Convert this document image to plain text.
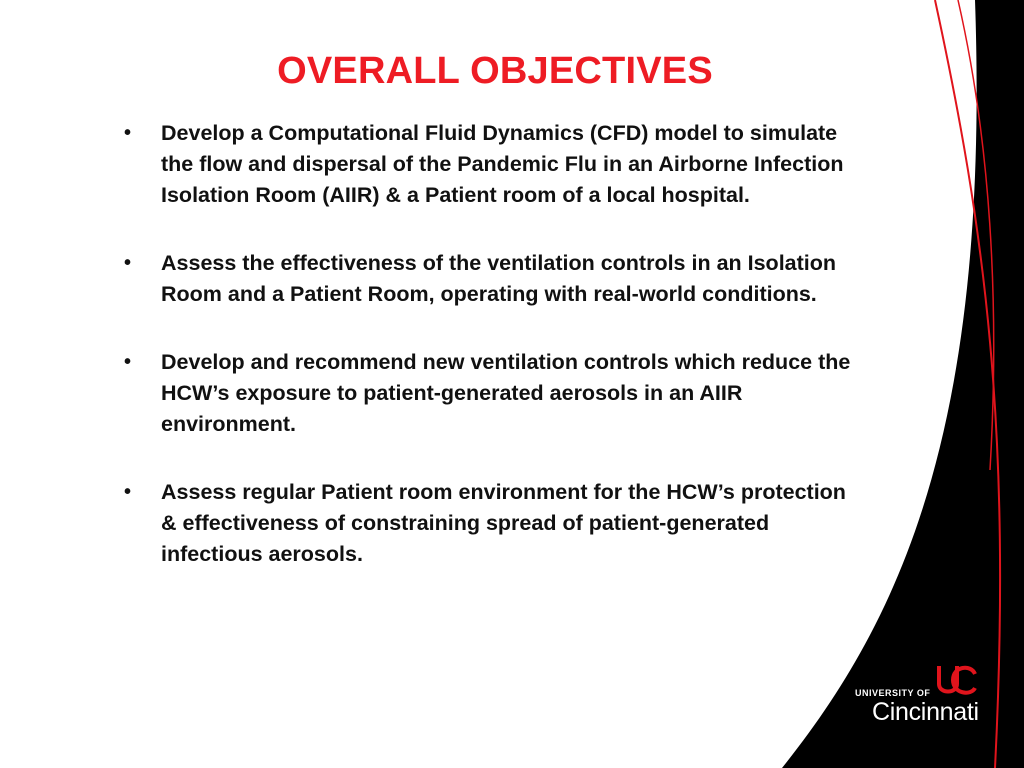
OVERALL OBJECTIVES
• Develop a Computational Fluid Dynamics (CFD) model to simulate the flow and dispersal of the Pandemic Flu in an Airborne Infection Isolation Room (AIIR) & a Patient room of a local hospital.
• Assess the effectiveness of the ventilation controls in an Isolation Room and a Patient Room, operating with real-world conditions.
• Develop and recommend new ventilation controls which reduce the HCW’s exposure to patient-generated aerosols in an AIIR environment.
• Assess regular Patient room environment for the HCW’s protection & effectiveness of constraining spread of patient-generated infectious aerosols.
UNIVERSITY OF
Cincinnati
